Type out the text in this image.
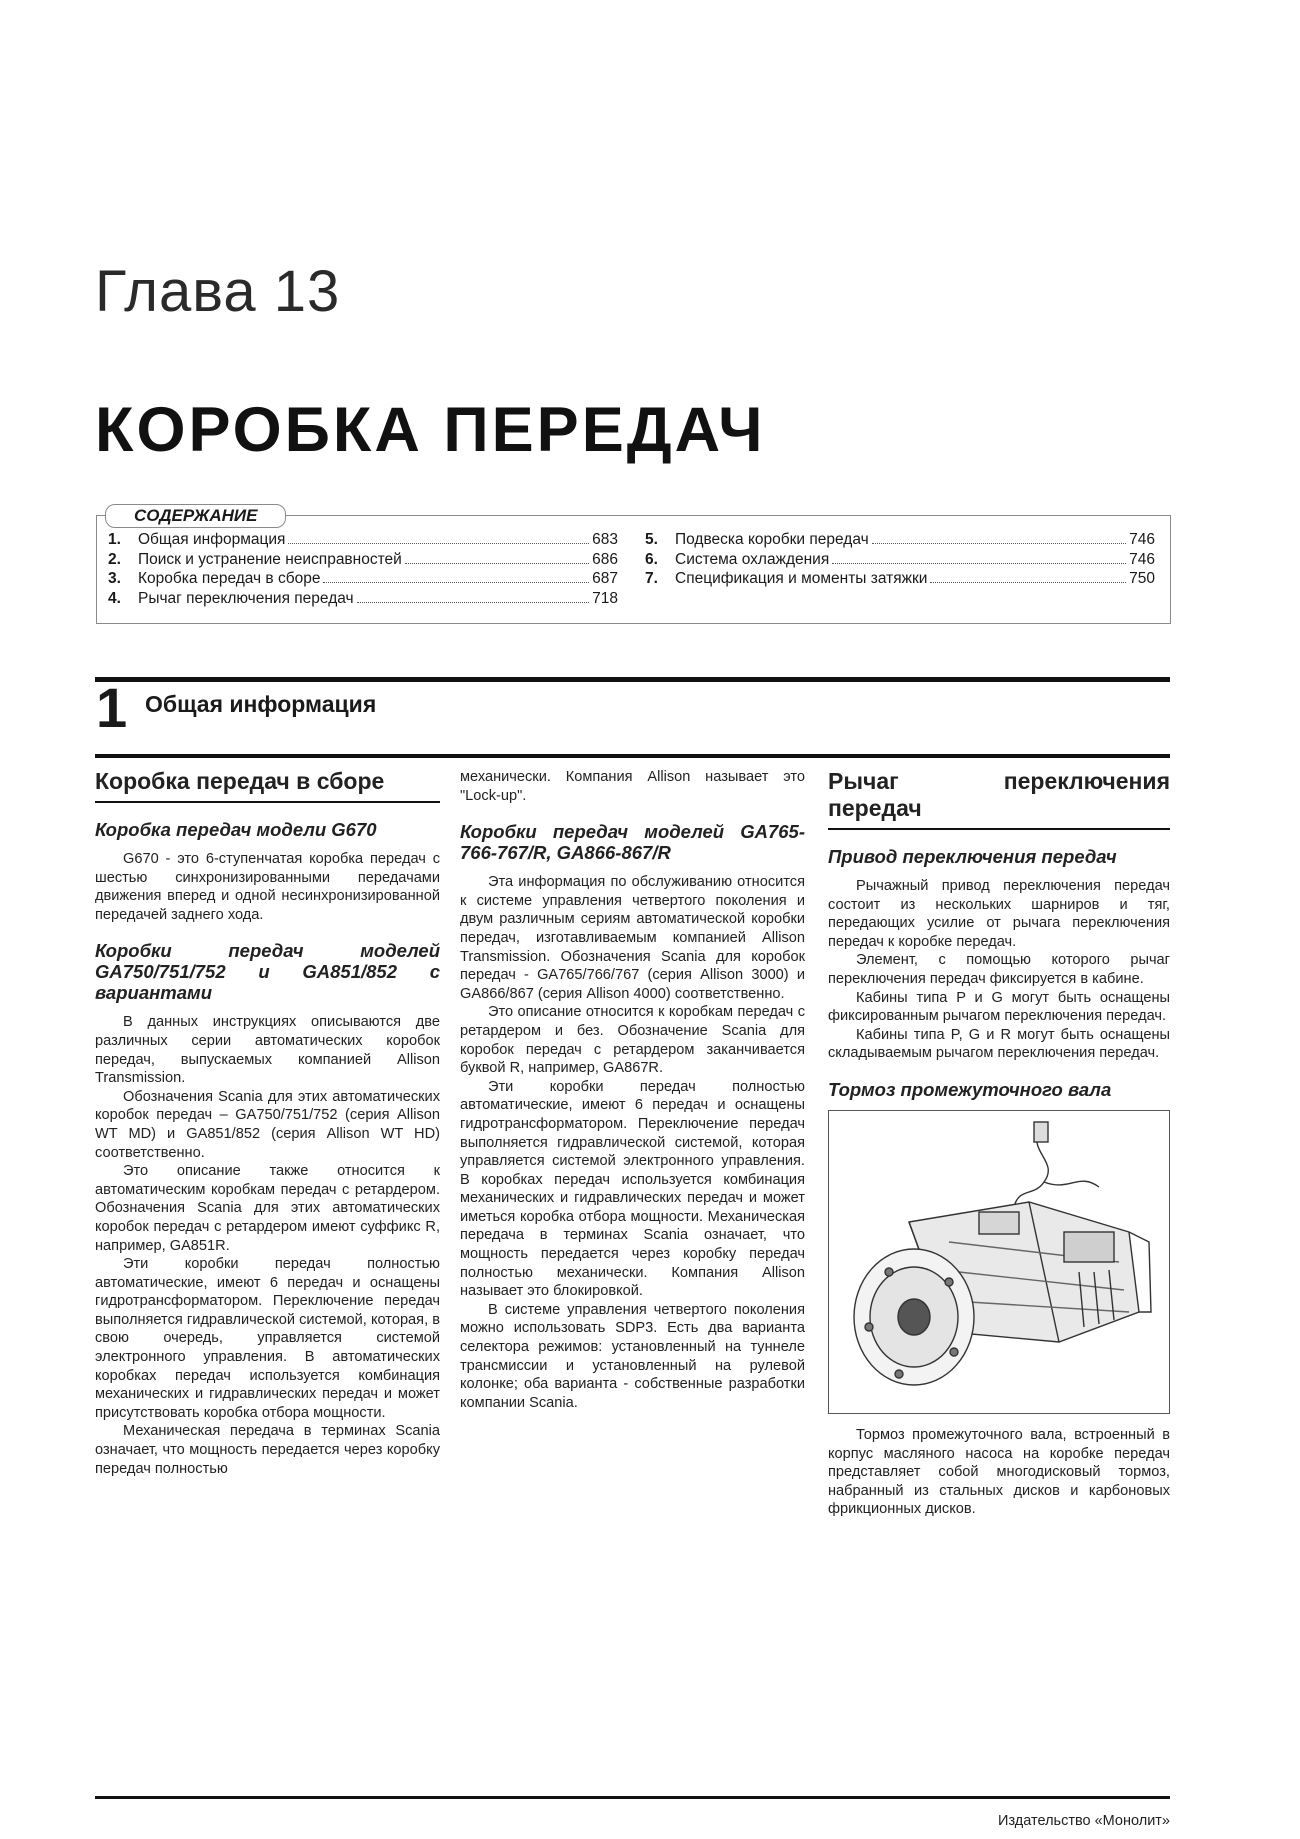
Глава 13
КОРОБКА ПЕРЕДАЧ
СОДЕРЖАНИЕ
1.	Общая информация	683
2.	Поиск и устранение неисправностей	686
3.	Коробка передач в сборе	687
4.	Рычаг переключения передач	718
5.	Подвеска коробки передач	746
6.	Система охлаждения	746
7.	Спецификация и моменты затяжки	750
1 Общая информация
Коробка передач в сборе
Коробка передач модели G670

G670 - это 6-ступенчатая коробка передач с шестью синхронизированными передачами движения вперед и одной несинхронизированной передачей заднего хода.

Коробки передач моделей GA750/751/752 и GA851/852 с вариантами

В данных инструкциях описываются две различных серии автоматических коробок передач, выпускаемых компанией Allison Transmission.

Обозначения Scania для этих автоматических коробок передач – GA750/751/752 (серия Allison WT MD) и GA851/852 (серия Allison WT HD) соответственно.

Это описание также относится к автоматическим коробкам передач с ретардером. Обозначения Scania для этих автоматических коробок передач с ретардером имеют суффикс R, например, GA851R.

Эти коробки передач полностью автоматические, имеют 6 передач и оснащены гидротрансформатором. Переключение передач выполняется гидравлической системой, которая, в свою очередь, управляется системой электронного управления. В автоматических коробках передач используется комбинация механических и гидравлических передач и может присутствовать коробка отбора мощности.

Механическая передача в терминах Scania означает, что мощность передается через коробку передач полностью

механически. Компания Allison называет это "Lock-up".

Коробки передач моделей GA765-766-767/R, GA866-867/R

Эта информация по обслуживанию относится к системе управления четвертого поколения и двум различным сериям автоматической коробки передач, изготавливаемым компанией Allison Transmission. Обозначения Scania для коробок передач - GA765/766/767 (серия Allison 3000) и GA866/867 (серия Allison 4000) соответственно.

Это описание относится к коробкам передач с ретардером и без. Обозначение Scania для коробок передач с ретардером заканчивается буквой R, например, GA867R.

Эти коробки передач полностью автоматические, имеют 6 передач и оснащены гидротрансформатором. Переключение передач выполняется гидравлической системой, которая управляется системой электронного управления. В коробках передач используется комбинация механических и гидравлических передач и может иметься коробка отбора мощности. Механическая передача в терминах Scania означает, что мощность передается через коробку передач полностью механически. Компания Allison называет это блокировкой.

В системе управления четвертого поколения можно использовать SDP3. Есть два варианта селектора режимов: установленный на туннеле трансмиссии и установленный на рулевой колонке; оба варианта - собственные разработки компании Scania.

Рычаг переключения передач
Привод переключения передач

Рычажный привод переключения передач состоит из нескольких шарниров и тяг, передающих усилие от рычага переключения передач к коробке передач.

Элемент, с помощью которого рычаг переключения передач фиксируется в кабине.

Кабины типа P и G могут быть оснащены фиксированным рычагом переключения передач.

Кабины типа P, G и R могут быть оснащены складываемым рычагом переключения передач.

Тормоз промежуточного вала

Тормоз промежуточного вала, встроенный в корпус масляного насоса на коробке передач представляет собой многодисковый тормоз, набранный из стальных дисков и карбоновых фрикционных дисков.

Издательство «Монолит»
